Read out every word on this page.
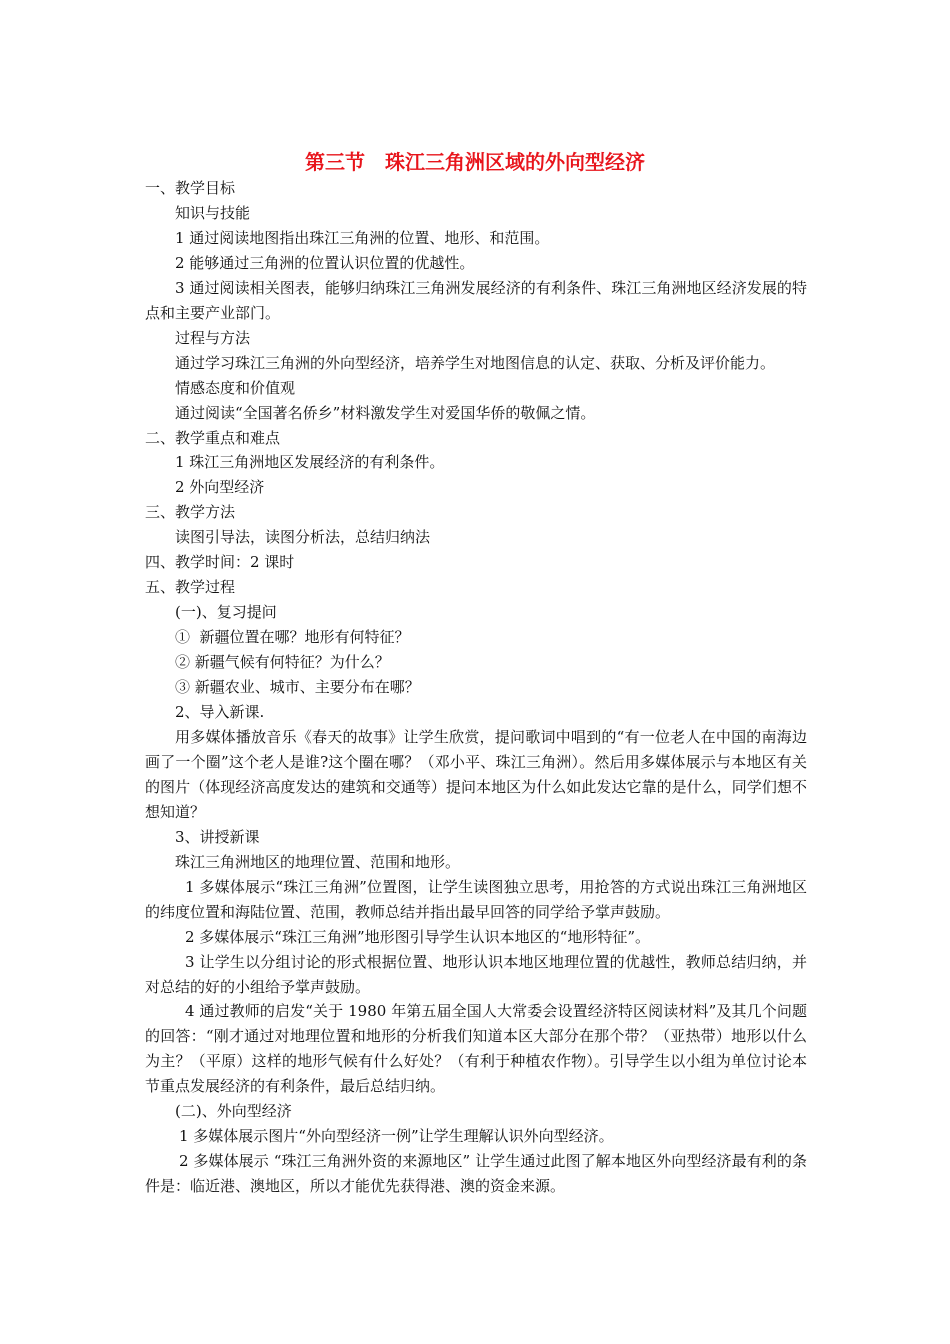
第三节　珠江三角洲区域的外向型经济

一、教学目标

知识与技能

1 通过阅读地图指出珠江三角洲的位置、地形、和范围。

2 能够通过三角洲的位置认识位置的优越性。

3 通过阅读相关图表，能够归纳珠江三角洲发展经济的有利条件、珠江三角洲地区经济发展的特点和主要产业部门。

过程与方法

通过学习珠江三角洲的外向型经济，培养学生对地图信息的认定、获取、分析及评价能力。

情感态度和价值观

通过阅读“全国著名侨乡”材料激发学生对爱国华侨的敬佩之情。

二、教学重点和难点

1 珠江三角洲地区发展经济的有利条件。

2 外向型经济

三、教学方法

读图引导法，读图分析法，总结归纳法

四、教学时间：2 课时

五、教学过程

(一)、复习提问

①  新疆位置在哪？地形有何特征？

② 新疆气候有何特征？为什么？

③ 新疆农业、城市、主要分布在哪？

2、导入新课.

用多媒体播放音乐《春天的故事》让学生欣赏，提问歌词中唱到的“有一位老人在中国的南海边画了一个圈”这个老人是谁?这个圈在哪？（邓小平、珠江三角洲）。然后用多媒体展示与本地区有关的图片（体现经济高度发达的建筑和交通等）提问本地区为什么如此发达它靠的是什么，同学们想不想知道？

3、讲授新课

珠江三角洲地区的地理位置、范围和地形。

1 多媒体展示“珠江三角洲”位置图，让学生读图独立思考，用抢答的方式说出珠江三角洲地区的纬度位置和海陆位置、范围，教师总结并指出最早回答的同学给予掌声鼓励。

2 多媒体展示“珠江三角洲”地形图引导学生认识本地区的“地形特征”。

3 让学生以分组讨论的形式根据位置、地形认识本地区地理位置的优越性，教师总结归纳，并对总结的好的小组给予掌声鼓励。

4 通过教师的启发“关于 1980 年第五届全国人大常委会设置经济特区阅读材料”及其几个问题的回答：“刚才通过对地理位置和地形的分析我们知道本区大部分在那个带？（亚热带）地形以什么为主？（平原）这样的地形气候有什么好处？（有利于种植农作物）。引导学生以小组为单位讨论本节重点发展经济的有利条件，最后总结归纳。

(二)、外向型经济

1 多媒体展示图片“外向型经济一例”让学生理解认识外向型经济。

2 多媒体展示 “珠江三角洲外资的来源地区” 让学生通过此图了解本地区外向型经济最有利的条件是：临近港、澳地区，所以才能优先获得港、澳的资金来源。
